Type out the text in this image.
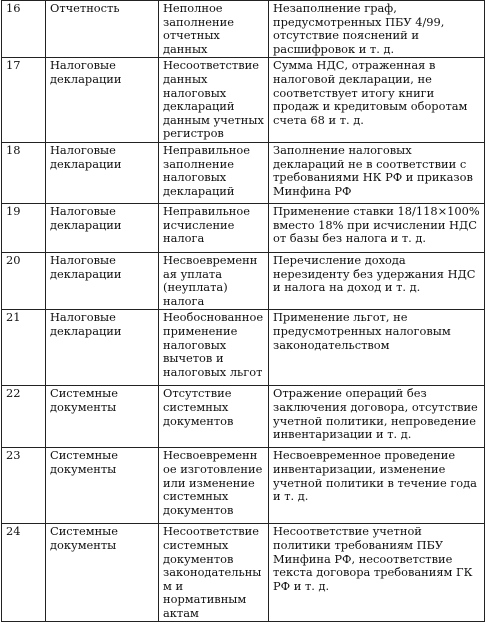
16	Отчетность	Неполное заполнение отчетных данных	Незаполнение граф, предусмотренных ПБУ 4/99, отсутствие пояснений и расшифровок и т. д.
17	Налоговые декларации	Несоответствие данных налоговых деклараций данным учетных регистров	Сумма НДС, отраженная в налоговой декларации, не соответствует итогу книги продаж и кредитовым оборотам счета 68 и т. д.
18	Налоговые декларации	Неправильное заполнение налоговых деклараций	Заполнение налоговых деклараций не в соответствии с требованиями НК РФ и приказов Минфина РФ
19	Налоговые декларации	Неправильное исчисление налога	Применение ставки 18/118×100% вместо 18% при исчислении НДС от базы без налога и т. д.
20	Налоговые декларации	Несвоевременная уплата (неуплата) налога	Перечисление дохода нерезиденту без удержания НДС и налога на доход и т. д.
21	Налоговые декларации	Необоснованное применение налоговых вычетов и налоговых льгот	Применение льгот, не предусмотренных налоговым законодательством
22	Системные документы	Отсутствие системных документов	Отражение операций без заключения договора, отсутствие учетной политики, непроведение инвентаризации и т. д.
23	Системные документы	Несвоевременное изготовление или изменение системных документов	Несвоевременное проведение инвентаризации, изменение учетной политики в течение года и т. д.
24	Системные документы	Несоответствие системных документов законодательным и нормативным актам	Несоответствие учетной политики требованиям ПБУ Минфина РФ, несоответствие текста договора требованиям ГК РФ и т. д.
